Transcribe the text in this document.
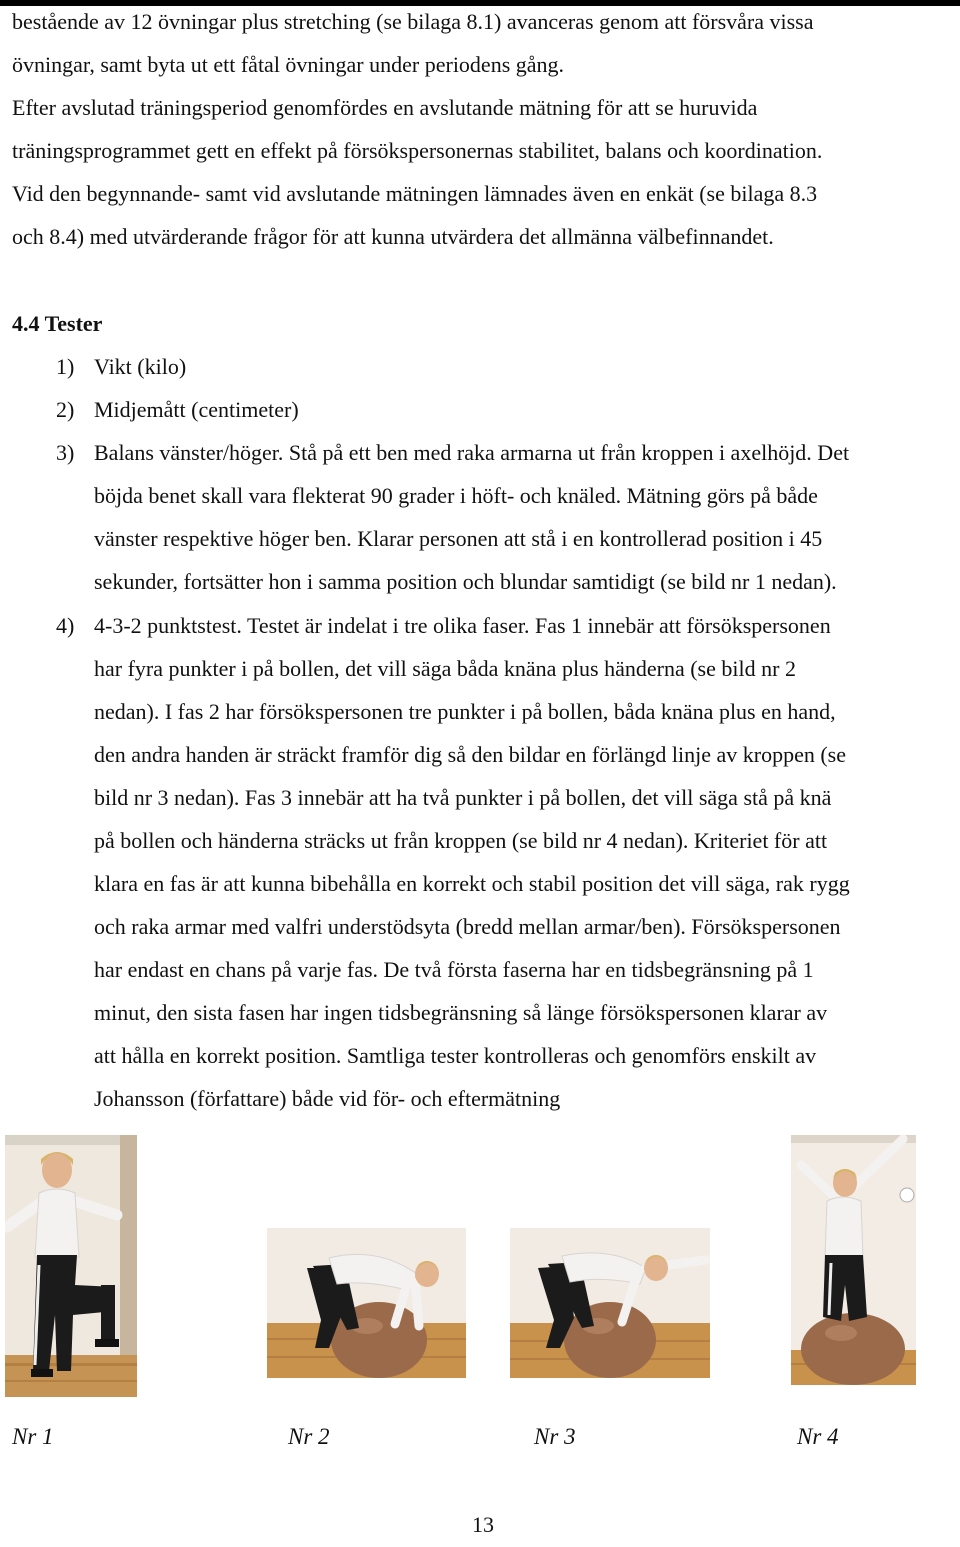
bestående av 12 övningar plus stretching (se bilaga 8.1) avanceras genom att försvåra vissa

övningar, samt byta ut ett fåtal övningar under periodens gång.

Efter avslutad träningsperiod genomfördes en avslutande mätning för att se huruvida

träningsprogrammet gett en effekt på försökspersonernas stabilitet, balans och koordination.

Vid den begynnande- samt vid avslutande mätningen lämnades även en enkät (se bilaga 8.3

och 8.4) med utvärderande frågor för att kunna utvärdera det allmänna välbefinnandet.

4.4 Tester

1) Vikt (kilo)
2) Midjemått (centimeter)
3) Balans vänster/höger. Stå på ett ben med raka armarna ut från kroppen i axelhöjd. Det
böjda benet skall vara flekterat 90 grader i höft- och knäled. Mätning görs på både
vänster respektive höger ben. Klarar personen att stå i en kontrollerad position i 45
sekunder, fortsätter hon i samma position och blundar samtidigt (se bild nr 1 nedan).
4) 4-3-2 punktstest. Testet är indelat i tre olika faser. Fas 1 innebär att försökspersonen
har fyra punkter i på bollen, det vill säga båda knäna plus händerna (se bild nr 2
nedan). I fas 2 har försökspersonen tre punkter i på bollen, båda knäna plus en hand,
den andra handen är sträckt framför dig så den bildar en förlängd linje av kroppen (se
bild nr 3 nedan). Fas 3 innebär att ha två punkter i på bollen, det vill säga stå på knä
på bollen och händerna sträcks ut från kroppen (se bild nr 4 nedan). Kriteriet för att
klara en fas är att kunna bibehålla en korrekt och stabil position det vill säga, rak rygg
och raka armar med valfri understödsyta (bredd mellan armar/ben). Försökspersonen
har endast en chans på varje fas. De två första faserna har en tidsbegränsning på 1
minut, den sista fasen har ingen tidsbegränsning så länge försökspersonen klarar av
att hålla en korrekt position. Samtliga tester kontrolleras och genomförs enskilt av
Johansson (författare) både vid för- och eftermätning
Nr 1	Nr 2	Nr 3	Nr 4
13
